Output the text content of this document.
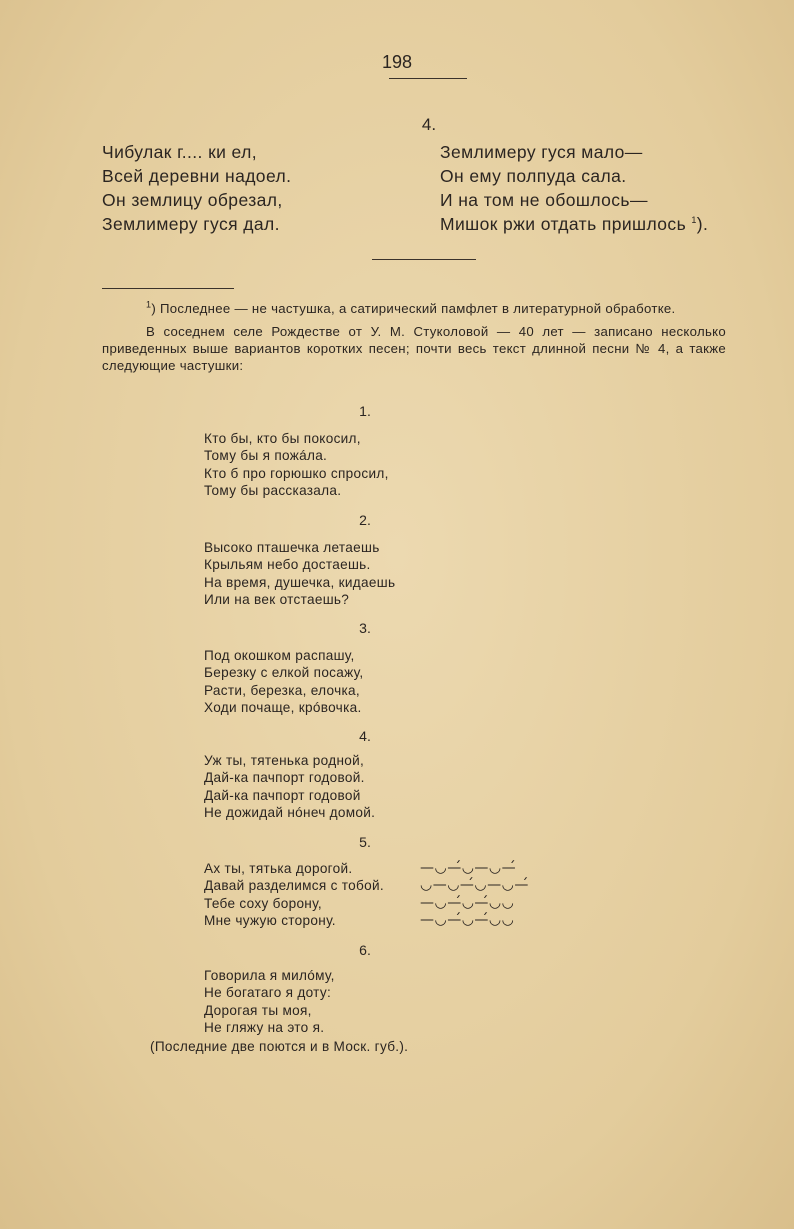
198
4.
Чибулак г.... ки ел,
Всей деревни надоел.
Он землицу обрезал,
Землимеру гуся дал.
Землимеру гуся мало—
Он ему полпуда сала.
И на том не обошлось—
Мишок ржи отдать пришлось $^1$).

$^1$) Последнее — не частушка, а сатирический памфлет в литературной обработке.

В соседнем селе Рождестве от У. М. Стуколовой — 40 лет — записано несколько приведенных выше вариантов коротких песен; почти весь текст длинной песни № 4, а также следующие частушки:

1.
Кто бы, кто бы покосил,
Тому бы я пожáла.
Кто б про горюшко спросил,
Тому бы рассказала.
2.
Высоко пташечка летаешь
Крыльям небо достаешь.
На время, душечка, кидаешь
Или на век отстаешь?
3.
Под окошком распашу,
Березку с елкой посажу,
Расти, березка, елочка,
Ходи почаще, крóвочка.
4.
Уж ты, тятенька родной,
Дай-ка пачпорт годовой.
Дай-ка пачпорт годовой
Не дожидай нóнеч домой.
5.
Ах ты, тятька дорогой.
Давай разделимся с тобой.
Тебе соху борону,
Мне чужую сторону.
—◡—́◡—◡—́
◡—◡—́◡—◡—́
—◡—́◡—́◡◡
—◡—́◡—́◡◡
6.
Говорила я милóму,
Не богатаго я доту:
Дорогая ты моя,
Не гляжу на это я.
(Последние две поются и в Моск. губ.).
